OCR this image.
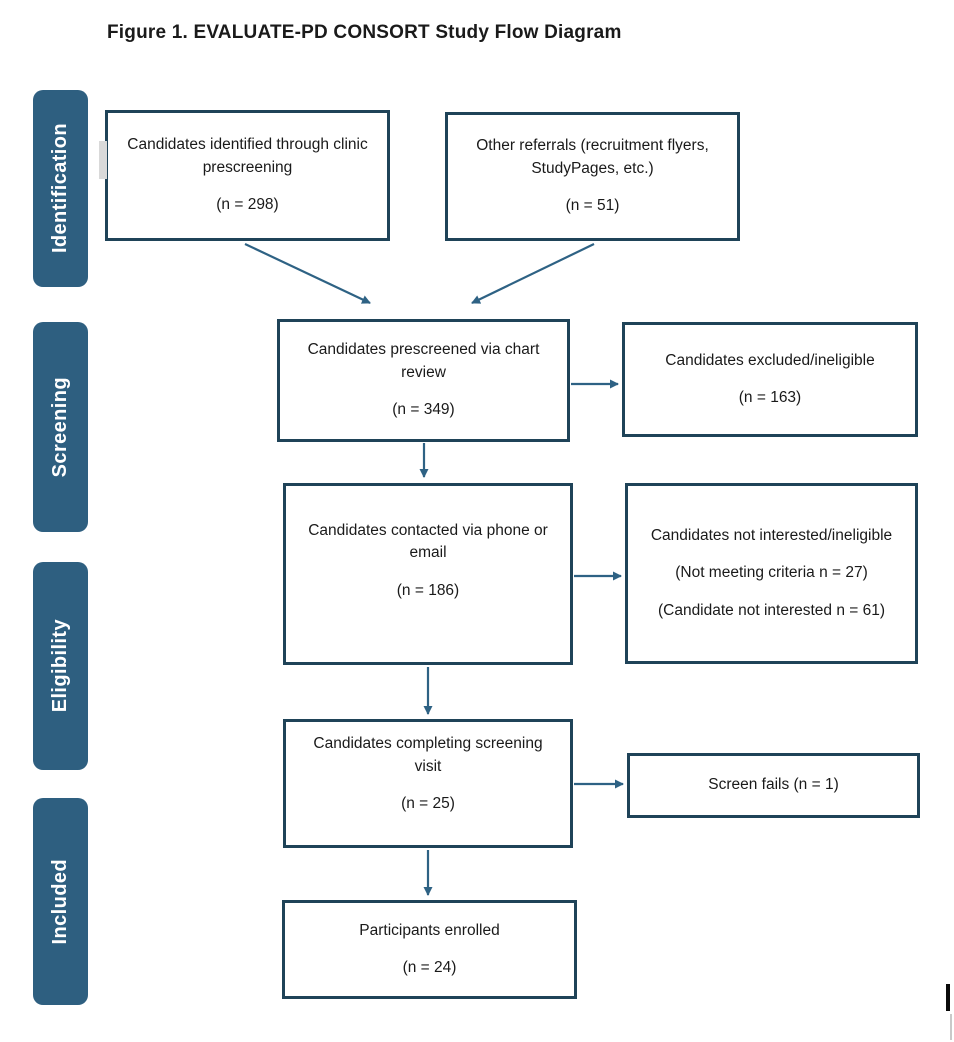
Figure 1. EVALUATE-PD CONSORT Study Flow Diagram
Identification
Screening
Eligibility
Included
Candidates identified through clinic prescreening
(n = 298)
Other referrals (recruitment flyers, StudyPages, etc.)
(n = 51)
Candidates prescreened via chart review
(n = 349)
Candidates excluded/ineligible
(n = 163)
Candidates contacted via phone or email
(n = 186)
Candidates not interested/ineligible
(Not meeting criteria n = 27)
(Candidate not interested n = 61)
Candidates completing screening visit
(n = 25)
Screen fails (n = 1)
Participants enrolled
(n = 24)
